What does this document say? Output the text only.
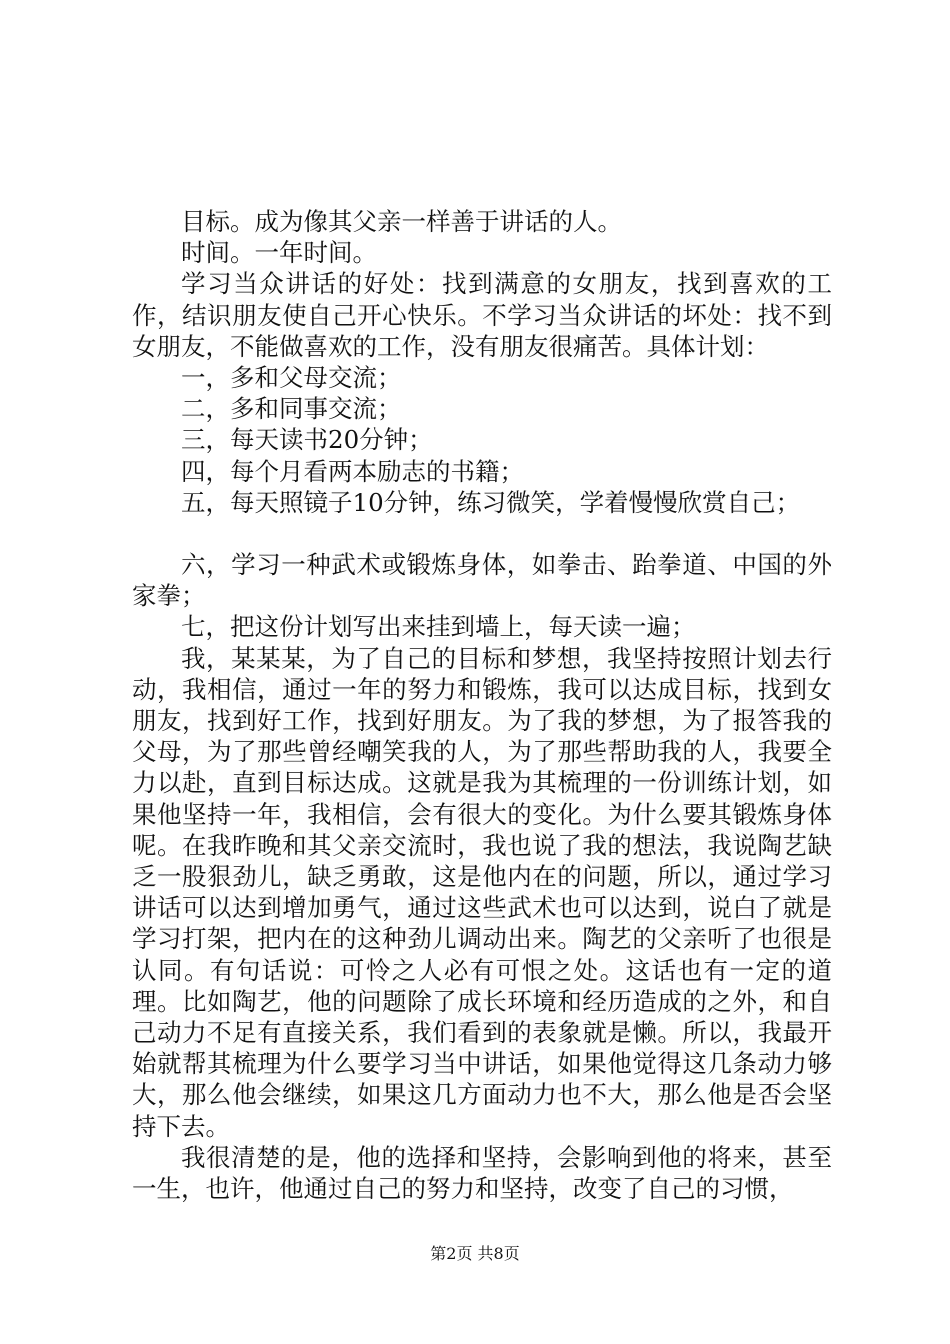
目标。成为像其父亲一样善于讲话的人。

时间。一年时间。

学习当众讲话的好处：找到满意的女朋友，找到喜欢的工作，结识朋友使自己开心快乐。不学习当众讲话的坏处：找不到女朋友，不能做喜欢的工作，没有朋友很痛苦。具体计划：

一，多和父母交流；

二，多和同事交流；

三，每天读书20分钟；

四，每个月看两本励志的书籍；

五，每天照镜子10分钟，练习微笑，学着慢慢欣赏自己；

六，学习一种武术或锻炼身体，如拳击、跆拳道、中国的外家拳；

七，把这份计划写出来挂到墙上，每天读一遍；

我，某某某，为了自己的目标和梦想，我坚持按照计划去行动，我相信，通过一年的努力和锻炼，我可以达成目标，找到女朋友，找到好工作，找到好朋友。为了我的梦想，为了报答我的父母，为了那些曾经嘲笑我的人，为了那些帮助我的人，我要全力以赴，直到目标达成。这就是我为其梳理的一份训练计划，如果他坚持一年，我相信，会有很大的变化。为什么要其锻炼身体呢。在我昨晚和其父亲交流时，我也说了我的想法，我说陶艺缺乏一股狠劲儿，缺乏勇敢，这是他内在的问题，所以，通过学习讲话可以达到增加勇气，通过这些武术也可以达到，说白了就是学习打架，把内在的这种劲儿调动出来。陶艺的父亲听了也很是认同。有句话说：可怜之人必有可恨之处。这话也有一定的道理。比如陶艺，他的问题除了成长环境和经历造成的之外，和自己动力不足有直接关系，我们看到的表象就是懒。所以，我最开始就帮其梳理为什么要学习当中讲话，如果他觉得这几条动力够大，那么他会继续，如果这几方面动力也不大，那么他是否会坚持下去。

我很清楚的是，他的选择和坚持，会影响到他的将来，甚至一生，也许，他通过自己的努力和坚持，改变了自己的习惯，

第2页 共8页
